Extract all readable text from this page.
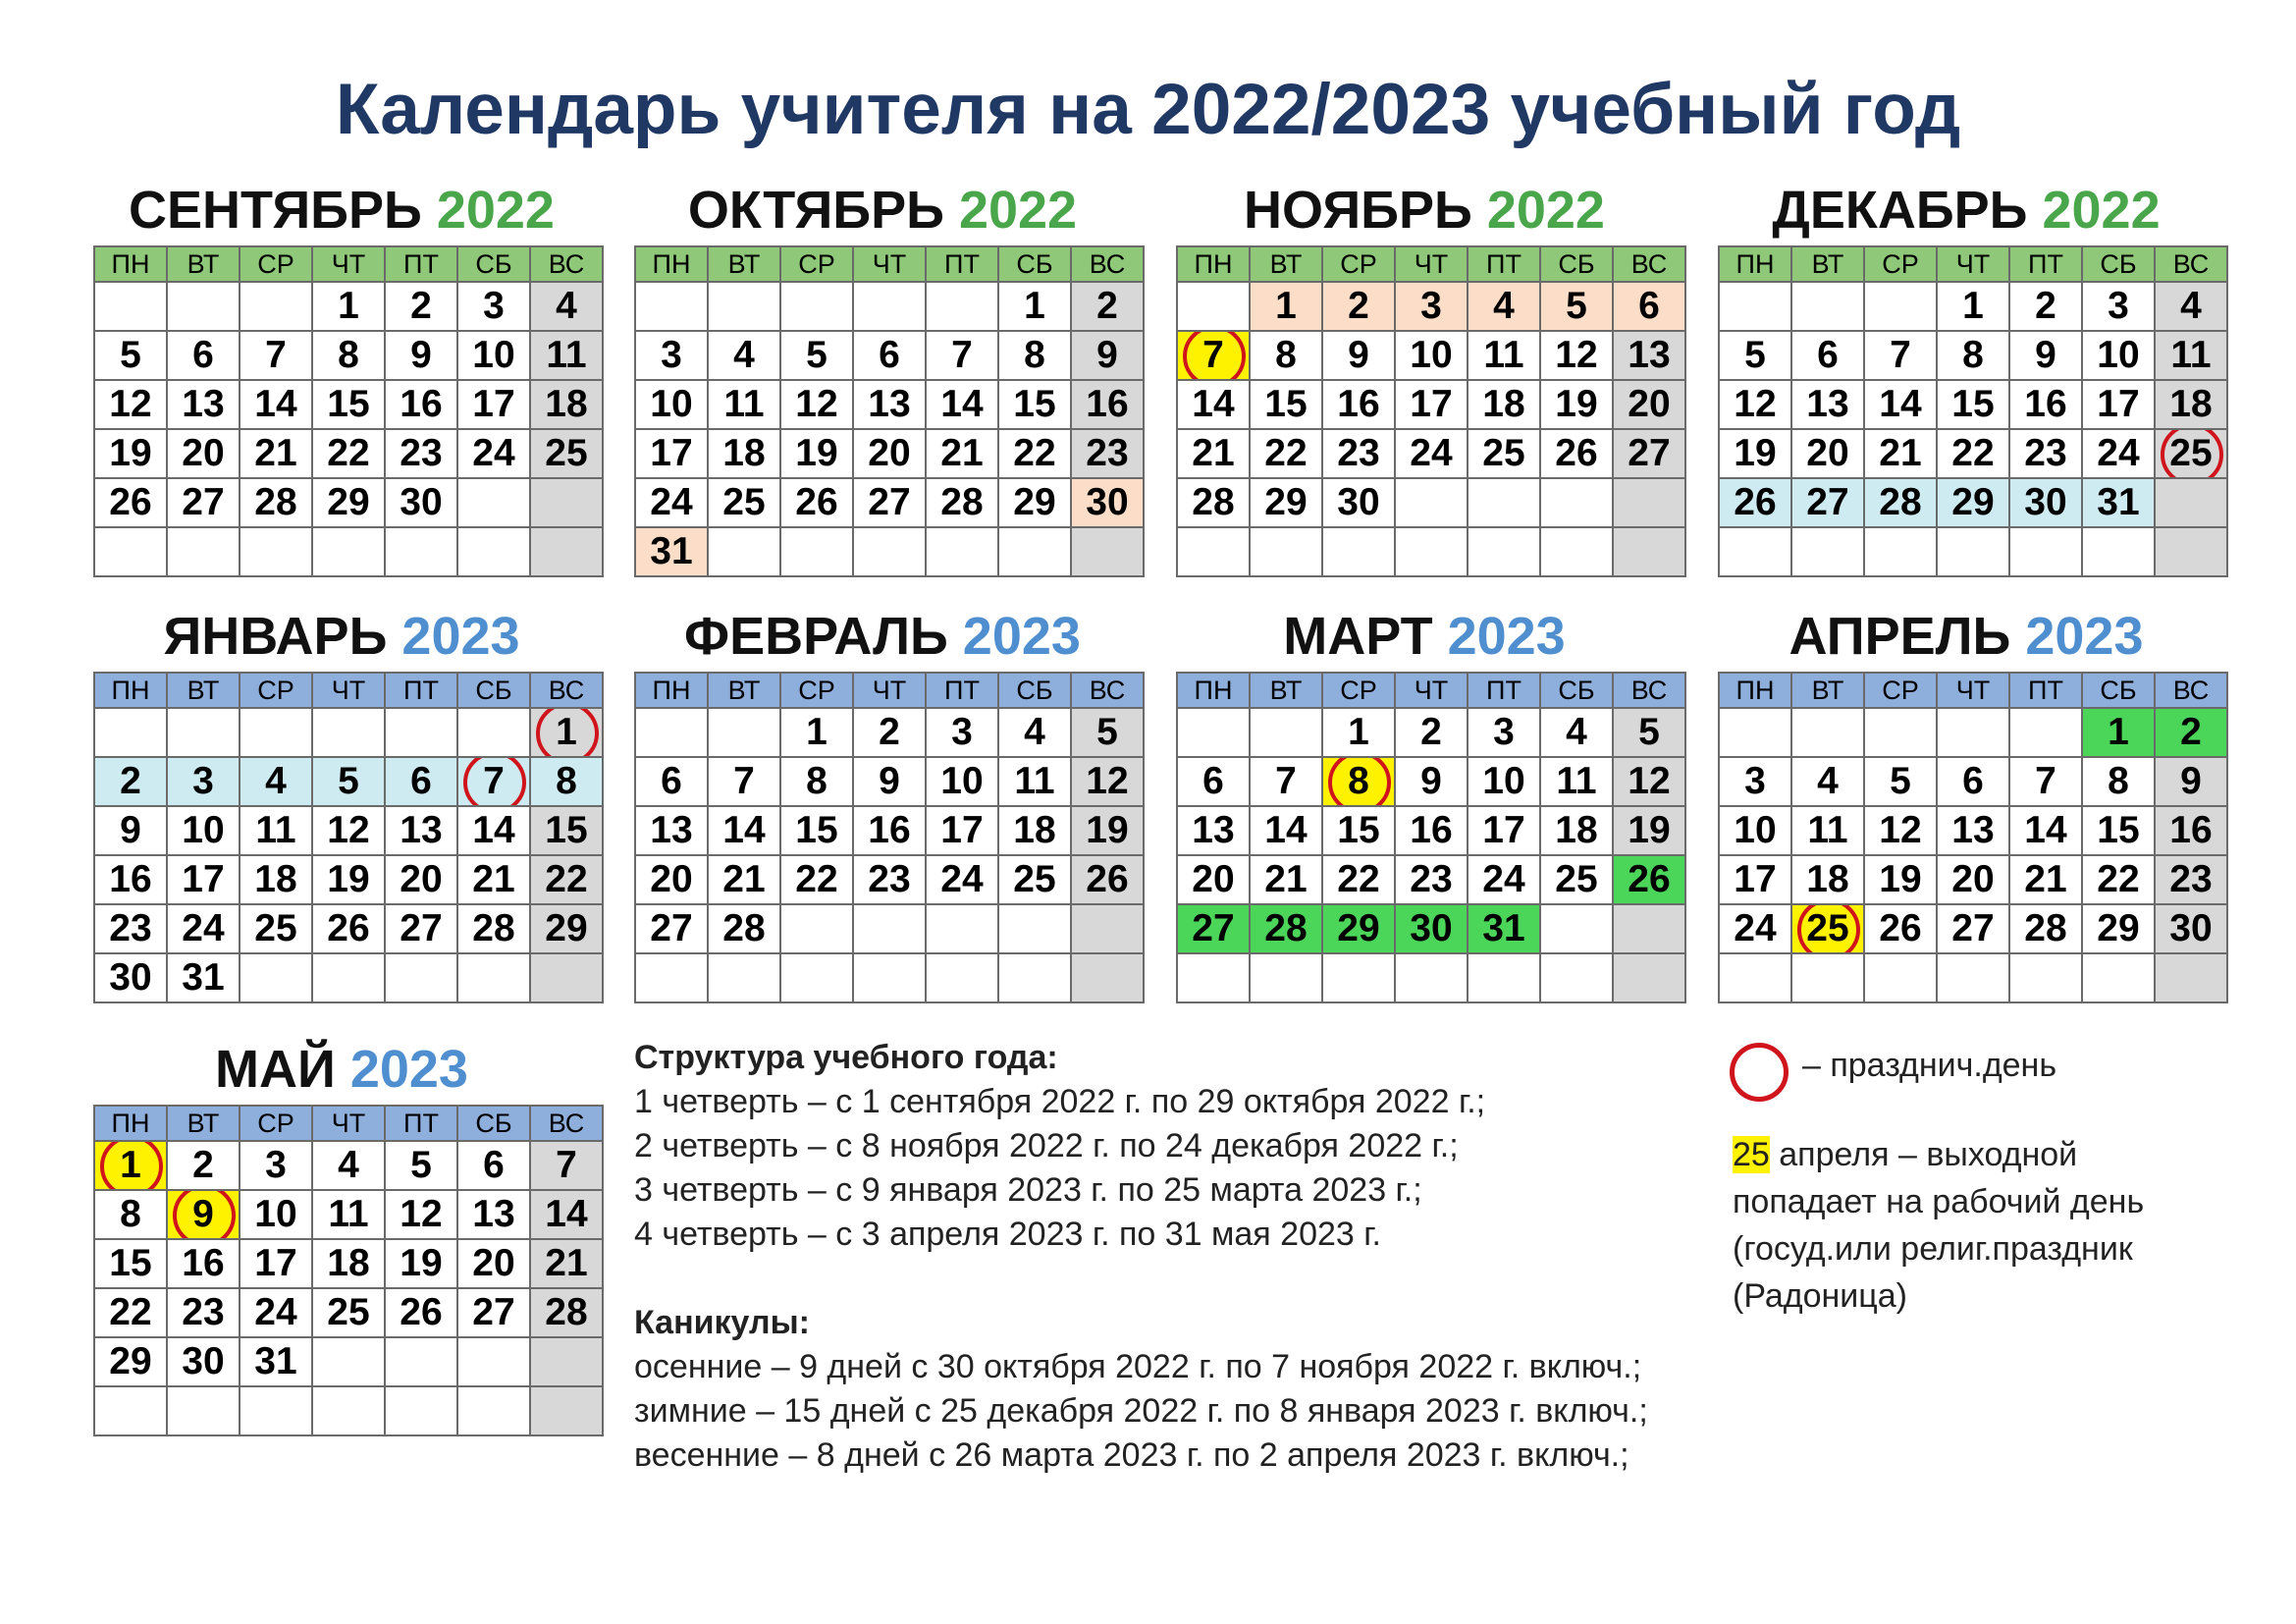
Календарь учителя на 2022/2023 учебный год
СЕНТЯБРЬ 2022
ПН	ВТ	СР	ЧТ	ПТ	СБ	ВС
			1	2	3	4
5	6	7	8	9	10	11
12	13	14	15	16	17	18
19	20	21	22	23	24	25
26	27	28	29	30		

ОКТЯБРЬ 2022
ПН	ВТ	СР	ЧТ	ПТ	СБ	ВС
					1	2
3	4	5	6	7	8	9
10	11	12	13	14	15	16
17	18	19	20	21	22	23
24	25	26	27	28	29	30
31						
НОЯБРЬ 2022
ПН	ВТ	СР	ЧТ	ПТ	СБ	ВС
	1	2	3	4	5	6
7	8	9	10	11	12	13
14	15	16	17	18	19	20
21	22	23	24	25	26	27
28	29	30				

ДЕКАБРЬ 2022
ПН	ВТ	СР	ЧТ	ПТ	СБ	ВС
			1	2	3	4
5	6	7	8	9	10	11
12	13	14	15	16	17	18
19	20	21	22	23	24	25
26	27	28	29	30	31	

ЯНВАРЬ 2023
ПН	ВТ	СР	ЧТ	ПТ	СБ	ВС
						1
2	3	4	5	6	7	8
9	10	11	12	13	14	15
16	17	18	19	20	21	22
23	24	25	26	27	28	29
30	31					
ФЕВРАЛЬ 2023
ПН	ВТ	СР	ЧТ	ПТ	СБ	ВС
		1	2	3	4	5
6	7	8	9	10	11	12
13	14	15	16	17	18	19
20	21	22	23	24	25	26
27	28					

МАРТ 2023
ПН	ВТ	СР	ЧТ	ПТ	СБ	ВС
		1	2	3	4	5
6	7	8	9	10	11	12
13	14	15	16	17	18	19
20	21	22	23	24	25	26
27	28	29	30	31		

АПРЕЛЬ 2023
ПН	ВТ	СР	ЧТ	ПТ	СБ	ВС
					1	2
3	4	5	6	7	8	9
10	11	12	13	14	15	16
17	18	19	20	21	22	23
24	25	26	27	28	29	30

МАЙ 2023
ПН	ВТ	СР	ЧТ	ПТ	СБ	ВС
1	2	3	4	5	6	7
8	9	10	11	12	13	14
15	16	17	18	19	20	21
22	23	24	25	26	27	28
29	30	31				

Структура учебного года:
1 четверть – с 1 сентября 2022 г. по 29 октября 2022 г.;
2 четверть – с 8 ноября 2022 г. по 24 декабря 2022 г.;
3 четверть – с 9 января 2023 г. по 25 марта 2023 г.;
4 четверть – с 3 апреля 2023 г. по 31 мая 2023 г.
Каникулы:
осенние – 9 дней с 30 октября 2022 г. по 7 ноября 2022 г. включ.;
зимние – 15 дней с 25 декабря 2022 г. по 8 января 2023 г. включ.;
весенние – 8 дней с 26 марта 2023 г. по 2 апреля 2023 г. включ.;
– празднич.день
25 апреля – выходной
попадает на рабочий день
(госуд.или религ.праздник
(Радоница)
